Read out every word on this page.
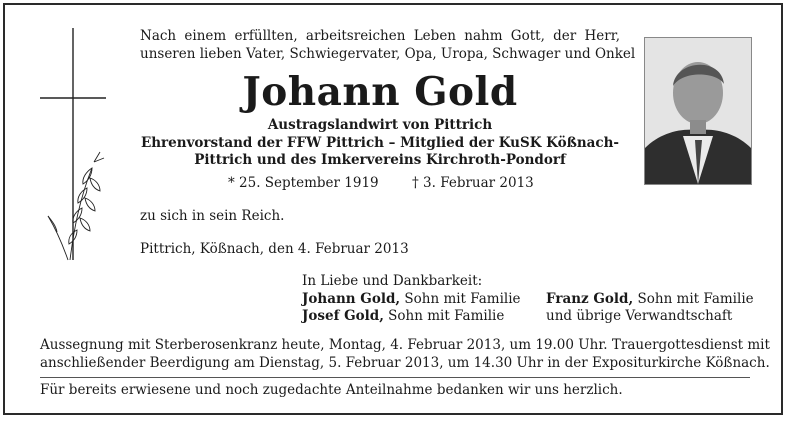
Nach einem erfüllten, arbeitsreichen Leben nahm Gott, der Herr,
unseren lieben Vater, Schwiegervater, Opa, Uropa, Schwager und Onkel
Johann Gold
Austragslandwirt von Pittrich
Ehrenvorstand der FFW Pittrich – Mitglied der KuSK Kößnach-
Pittrich und des Imkervereins Kirchroth-Pondorf
* 25. September 1919 † 3. Februar 2013
zu sich in sein Reich.
Pittrich, Kößnach, den 4. Februar 2013
In Liebe und Dankbarkeit:
Johann Gold, Sohn mit Familie
Josef Gold, Sohn mit Familie
Franz Gold, Sohn mit Familie
und übrige Verwandtschaft
Aussegnung mit Sterberosenkranz heute, Montag, 4. Februar 2013, um 19.00 Uhr. Trauergottesdienst mit
anschließender Beerdigung am Dienstag, 5. Februar 2013, um 14.30 Uhr in der Expositurkirche Kößnach.
Für bereits erwiesene und noch zugedachte Anteilnahme bedanken wir uns herzlich.
